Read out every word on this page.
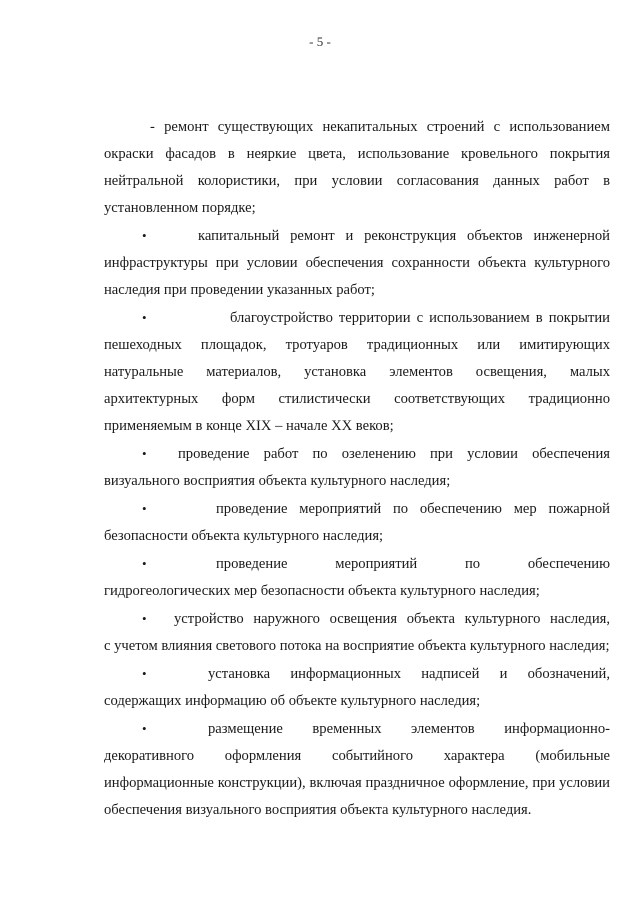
- 5 -

- ремонт существующих некапитальных строений с использованием окраски фасадов в неяркие цвета, использование кровельного покрытия нейтральной колористики, при условии согласования данных работ в установленном порядке;

•	капитальный ремонт и реконструкция объектов инженерной
инфраструктуры при условии обеспечения сохранности объекта культурного наследия при проведении указанных работ;
•	благоустройство территории с использованием в покрытии
пешеходных площадок, тротуаров традиционных или имитирующих натуральные материалов, установка элементов освещения, малых архитектурных форм стилистически соответствующих традиционно применяемым в конце XIX – начале XX веков;
•	проведение работ по озеленению при условии обеспечения
визуального восприятия объекта культурного наследия;
•	проведение мероприятий по обеспечению мер пожарной
безопасности объекта культурного наследия;
•	проведение мероприятий по обеспечению
гидрогеологических мер безопасности объекта культурного наследия;
•	устройство наружного освещения объекта культурного наследия,
с учетом влияния светового потока на восприятие объекта культурного наследия;
•	установка информационных надписей и обозначений,
содержащих информацию об объекте культурного наследия;
•	размещение временных элементов информационно-
декоративного оформления событийного характера (мобильные информационные конструкции), включая праздничное оформление, при условии обеспечения визуального восприятия объекта культурного наследия.
